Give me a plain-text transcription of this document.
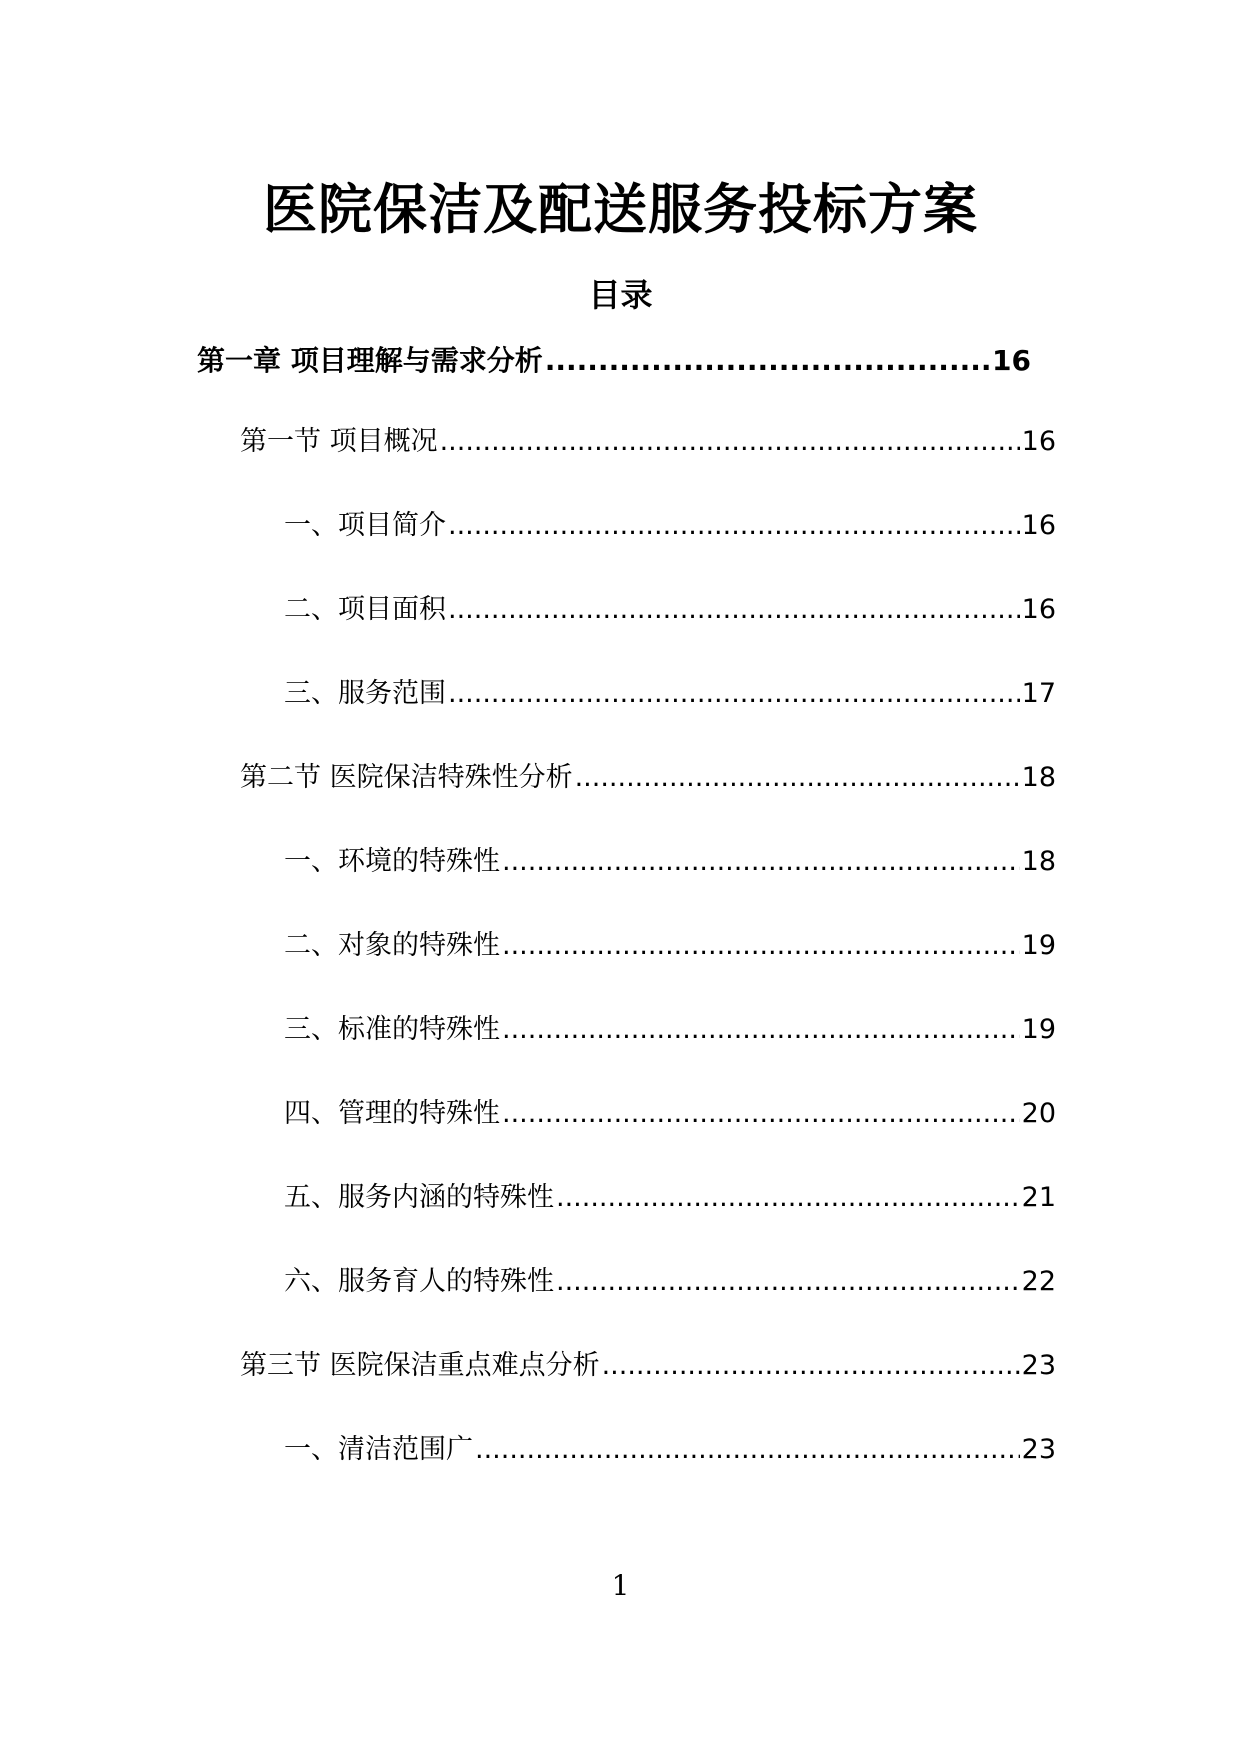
医院保洁及配送服务投标方案
目录
第一章 项目理解与需求分析 .....	16
第一节 项目概况 .....	16
一、项目简介 .....	16
二、项目面积 .....	16
三、服务范围 .....	17
第二节 医院保洁特殊性分析 .....	18
一、环境的特殊性 .....	18
二、对象的特殊性 .....	19
三、标准的特殊性 .....	19
四、管理的特殊性 .....	20
五、服务内涵的特殊性 .....	21
六、服务育人的特殊性 .....	22
第三节 医院保洁重点难点分析 .....	23
一、清洁范围广 .....	23
1
